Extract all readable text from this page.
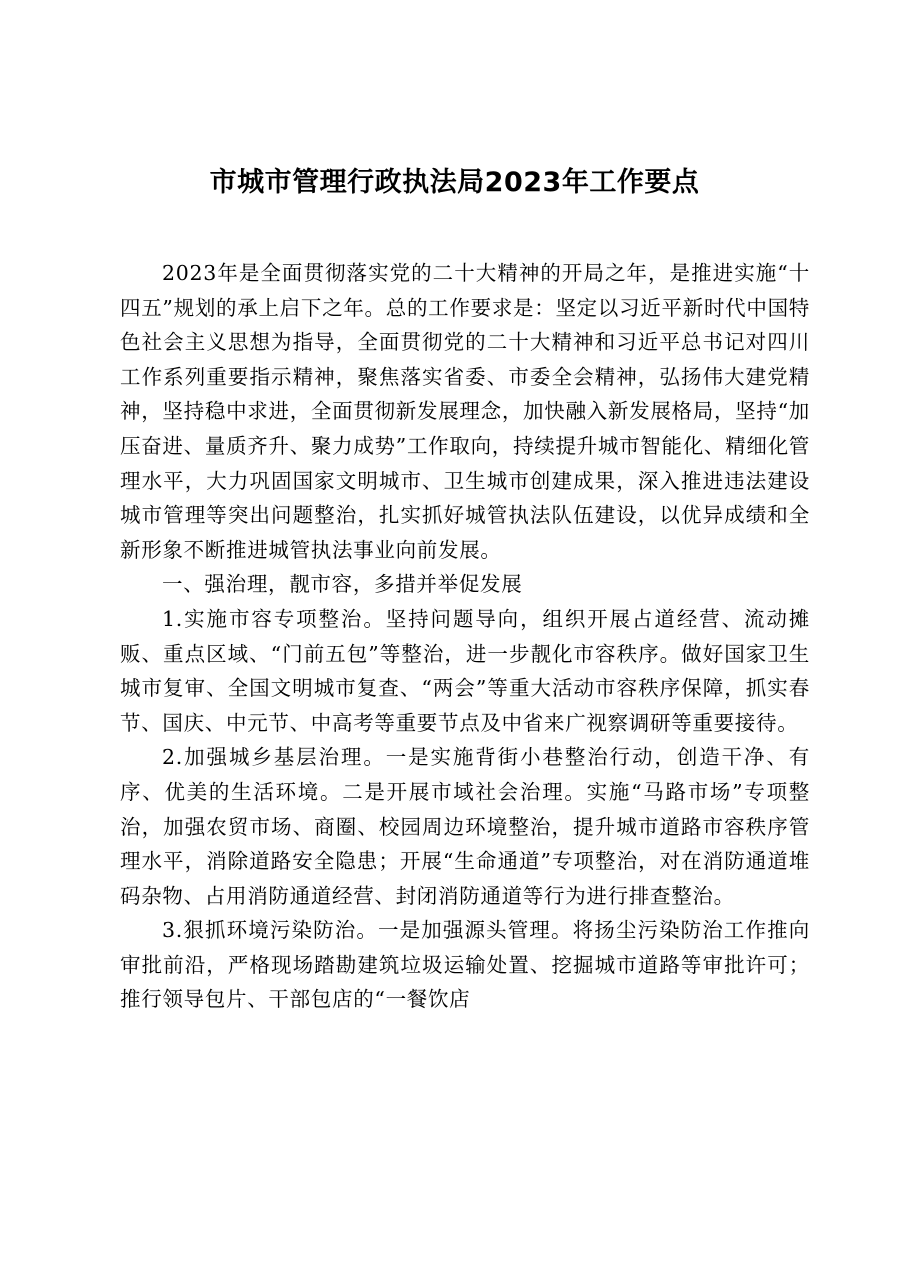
市城市管理行政执法局2023年工作要点

2023年是全面贯彻落实党的二十大精神的开局之年，是推进实施“十四五”规划的承上启下之年。总的工作要求是：坚定以习近平新时代中国特色社会主义思想为指导，全面贯彻党的二十大精神和习近平总书记对四川工作系列重要指示精神，聚焦落实省委、市委全会精神，弘扬伟大建党精神，坚持稳中求进，全面贯彻新发展理念，加快融入新发展格局，坚持“加压奋进、量质齐升、聚力成势”工作取向，持续提升城市智能化、精细化管理水平，大力巩固国家文明城市、卫生城市创建成果，深入推进违法建设城市管理等突出问题整治，扎实抓好城管执法队伍建设，以优异成绩和全新形象不断推进城管执法事业向前发展。

一、强治理，靓市容，多措并举促发展

1.实施市容专项整治。坚持问题导向，组织开展占道经营、流动摊贩、重点区域、“门前五包”等整治，进一步靓化市容秩序。做好国家卫生城市复审、全国文明城市复查、“两会”等重大活动市容秩序保障，抓实春节、国庆、中元节、中高考等重要节点及中省来广视察调研等重要接待。

2.加强城乡基层治理。一是实施背街小巷整治行动，创造干净、有序、优美的生活环境。二是开展市域社会治理。实施“马路市场”专项整治，加强农贸市场、商圈、校园周边环境整治，提升城市道路市容秩序管理水平，消除道路安全隐患；开展“生命通道”专项整治，对在消防通道堆码杂物、占用消防通道经营、封闭消防通道等行为进行排查整治。

3.狠抓环境污染防治。一是加强源头管理。将扬尘污染防治工作推向审批前沿，严格现场踏勘建筑垃圾运输处置、挖掘城市道路等审批许可；推行领导包片、干部包店的“一餐饮店
